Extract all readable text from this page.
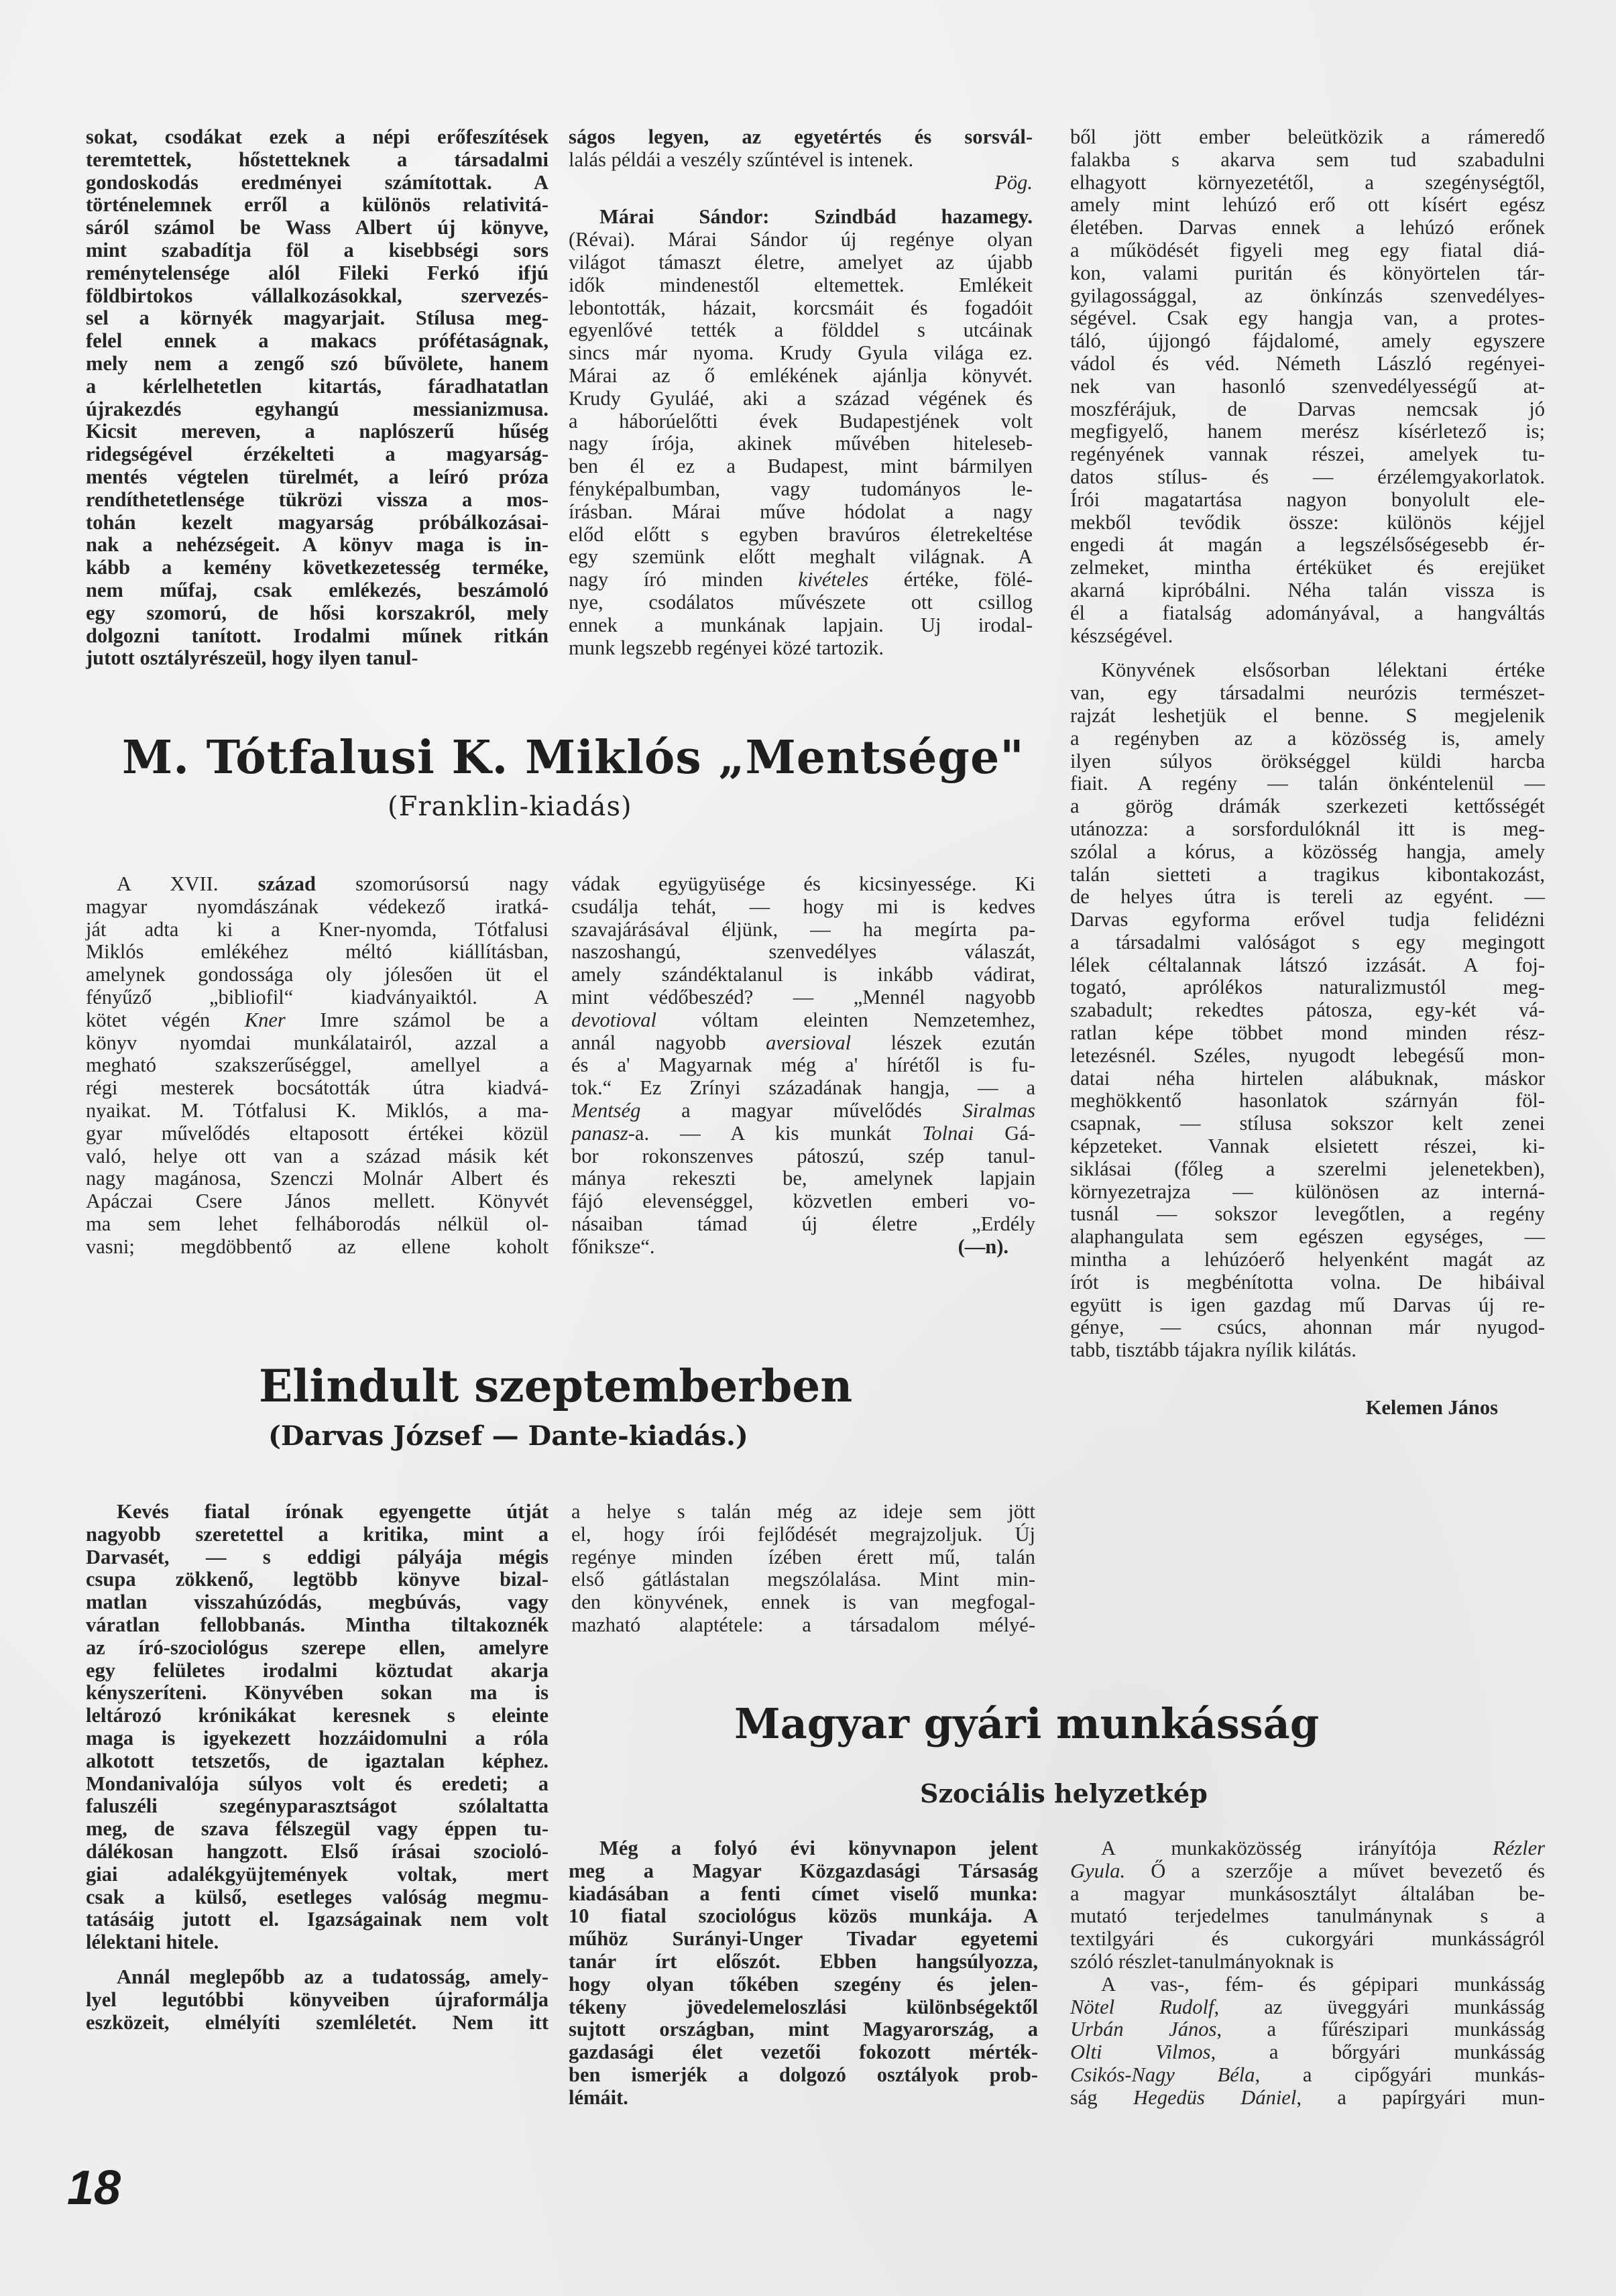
sokat, csodákat ezek a népi erőfeszítések
teremtettek, hőstetteknek a társadalmi
gondoskodás eredményei számítottak. A
történelemnek erről a különös relativitá-
sáról számol be Wass Albert új könyve,
mint szabadítja föl a kisebbségi sors
reménytelensége alól Fileki Ferkó ifjú
földbirtokos vállalkozásokkal, szervezés-
sel a környék magyarjait. Stílusa meg-
felel ennek a makacs prófétaságnak,
mely nem a zengő szó bűvölete, hanem
a kérlelhetetlen kitartás, fáradhatatlan
újrakezdés egyhangú messianizmusa.
Kicsit mereven, a naplószerű hűség
ridegségével érzékelteti a magyarság-
mentés végtelen türelmét, a leíró próza
rendíthetetlensége tükrözi vissza a mos-
tohán kezelt magyarság próbálkozásai-
nak a nehézségeit. A könyv maga is in-
kább a kemény következetesség terméke,
nem műfaj, csak emlékezés, beszámoló
egy szomorú, de hősi korszakról, mely
dolgozni tanított. Irodalmi műnek ritkán
jutott osztályrészeül, hogy ilyen tanul-
ságos legyen, az egyetértés és sorsvál-
lalás példái a veszély szűntével is intenek.
Pög.
Márai Sándor: Szindbád hazamegy.
(Révai). Márai Sándor új regénye olyan
világot támaszt életre, amelyet az újabb
idők mindenestől eltemettek. Emlékeit
lebontották, házait, korcsmáit és fogadóit
egyenlővé tették a földdel s utcáinak
sincs már nyoma. Krudy Gyula világa ez.
Márai az ő emlékének ajánlja könyvét.
Krudy Gyuláé, aki a század végének és
a háborúelőtti évek Budapestjének volt
nagy írója, akinek művében hiteleseb-
ben él ez a Budapest, mint bármilyen
fényképalbumban, vagy tudományos le-
írásban. Márai műve hódolat a nagy
előd előtt s egyben bravúros életrekeltése
egy szemünk előtt meghalt világnak. A
nagy író minden kivételes értéke, fölé-
nye, csodálatos művészete ott csillog
ennek a munkának lapjain. Uj irodal-
munk legszebb regényei közé tartozik.
ből jött ember beleütközik a rámeredő
falakba s akarva sem tud szabadulni
elhagyott környezetétől, a szegénységtől,
amely mint lehúzó erő ott kísért egész
életében. Darvas ennek a lehúzó erőnek
a működését figyeli meg egy fiatal diá-
kon, valami puritán és könyörtelen tár-
gyilagossággal, az önkínzás szenvedélyes-
ségével. Csak egy hangja van, a protes-
táló, újjongó fájdalomé, amely egyszere
vádol és véd. Németh László regényei-
nek van hasonló szenvedélyességű at-
moszférájuk, de Darvas nemcsak jó
megfigyelő, hanem merész kísérletező is;
regényének vannak részei, amelyek tu-
datos stílus- és — érzélemgyakorlatok.
Írói magatartása nagyon bonyolult ele-
mekből tevődik össze: különös kéjjel
engedi át magán a legszélsőségesebb ér-
zelmeket, mintha értéküket és erejüket
akarná kipróbálni. Néha talán vissza is
él a fiatalság adományával, a hangváltás
készségével.
Könyvének elsősorban lélektani értéke
van, egy társadalmi neurózis természet-
rajzát leshetjük el benne. S megjelenik
a regényben az a közösség is, amely
ilyen súlyos örökséggel küldi harcba
fiait. A regény — talán önkéntelenül —
a görög drámák szerkezeti kettősségét
utánozza: a sorsfordulóknál itt is meg-
szólal a kórus, a közösség hangja, amely
talán sietteti a tragikus kibontakozást,
de helyes útra is tereli az egyént. —
Darvas egyforma erővel tudja felidézni
a társadalmi valóságot s egy megingott
lélek céltalannak látszó izzását. A foj-
togató, aprólékos naturalizmustól meg-
szabadult; rekedtes pátosza, egy-két vá-
ratlan képe többet mond minden rész-
letezésnél. Széles, nyugodt lebegésű mon-
datai néha hirtelen alábuknak, máskor
meghökkentő hasonlatok szárnyán föl-
csapnak, — stílusa sokszor kelt zenei
képzeteket. Vannak elsietett részei, ki-
siklásai (főleg a szerelmi jelenetekben),
környezetrajza — különösen az interná-
tusnál — sokszor levegőtlen, a regény
alaphangulata sem egészen egységes, —
mintha a lehúzóerő helyenként magát az
írót is megbénította volna. De hibáival
együtt is igen gazdag mű Darvas új re-
génye, — csúcs, ahonnan már nyugod-
tabb, tisztább tájakra nyílik kilátás.
Kelemen János
M. Tótfalusi K. Miklós „Mentsége"
(Franklin-kiadás)
A XVII. század szomorúsorsú nagy
magyar nyomdászának védekező iratká-
ját adta ki a Kner-nyomda, Tótfalusi
Miklós emlékéhez méltó kiállításban,
amelynek gondossága oly jólesően üt el
fényűző „bibliofil“ kiadványaiktól. A
kötet végén Kner Imre számol be a
könyv nyomdai munkálatairól, azzal a
megható szakszerűséggel, amellyel a
régi mesterek bocsátották útra kiadvá-
nyaikat. M. Tótfalusi K. Miklós, a ma-
gyar művelődés eltaposott értékei közül
való, helye ott van a század másik két
nagy magánosa, Szenczi Molnár Albert és
Apáczai Csere János mellett. Könyvét
ma sem lehet felháborodás nélkül ol-
vasni; megdöbbentő az ellene koholt
vádak együgyüsége és kicsinyessége. Ki
csudálja tehát, — hogy mi is kedves
szavajárásával éljünk, — ha megírta pa-
naszoshangú, szenvedélyes válaszát,
amely szándéktalanul is inkább vádirat,
mint védőbeszéd? — „Mennél nagyobb
devotioval vóltam eleinten Nemzetemhez,
annál nagyobb aversioval lészek ezután
és a' Magyarnak még a' hírétől is fu-
tok.“ Ez Zrínyi századának hangja, — a
Mentség a magyar művelődés Siralmas
panasz-a. — A kis munkát Tolnai Gá-
bor rokonszenves pátoszú, szép tanul-
mánya rekeszti be, amelynek lapjain
fájó elevenséggel, közvetlen emberi vo-
násaiban támad új életre „Erdély
főnikszе“.	(—n).
Elindult szeptemberben
(Darvas József — Dante-kiadás.)
Kevés fiatal írónak egyengette útját
nagyobb szeretettel a kritika, mint a
Darvasét, — s eddigi pályája mégis
csupa zökkenő, legtöbb könyve bizal-
matlan visszahúzódás, megbúvás, vagy
váratlan fellobbanás. Mintha tiltakoznék
az író-szociológus szerepe ellen, amelyre
egy felületes irodalmi köztudat akarja
kényszeríteni. Könyvében sokan ma is
leltározó krónikákat keresnek s eleinte
maga is igyekezett hozzáidomulni a róla
alkotott tetszetős, de igaztalan képhez.
Mondanivalója súlyos volt és eredeti; a
faluszéli szegényparasztságot szólaltatta
meg, de szava félszegül vagy éppen tu-
dálékosan hangzott. Első írásai szocioló-
giai adalékgyüjtemények voltak, mert
csak a külső, esetleges valóság megmu-
tatásáig jutott el. Igazságainak nem volt
lélektani hitele.
Annál meglepőbb az a tudatosság, amely-
lyel legutóbbi könyveiben újraformálja
eszközeit, elmélyíti szemléletét. Nem itt
a helye s talán még az ideje sem jött
el, hogy írói fejlődését megrajzoljuk. Új
regénye minden ízében érett mű, talán
első gátlástalan megszólalása. Mint min-
den könyvének, ennek is van megfogal-
mazható alaptétele: a társadalom mélyé-
Magyar gyári munkásság
Szociális helyzetkép
Még a folyó évi könyvnapon jelent
meg a Magyar Közgazdasági Társaság
kiadásában a fenti címet viselő munka:
10 fiatal szociológus közös munkája. A
műhöz Surányi-Unger Tivadar egyetemi
tanár írt előszót. Ebben hangsúlyozza,
hogy olyan tőkében szegény és jelen-
tékeny jövedelemeloszlási különbségektől
sujtott országban, mint Magyarország, a
gazdasági élet vezetői fokozott mérték-
ben ismerjék a dolgozó osztályok prob-
lémáit.
A munkaközösség irányítója Rézler
Gyula. Ő a szerzője a művet bevezető és
a magyar munkásosztályt általában be-
mutató terjedelmes tanulmánynak s a
textilgyári és cukorgyári munkásságról
szóló részlet-tanulmányoknak is
A vas-, fém- és gépipari munkásság
Nötel Rudolf, az üveggyári munkásság
Urbán János, a fűrészipari munkásság
Olti Vilmos, a bőrgyári munkásság
Csikós-Nagy Béla, a cipőgyári munkás-
ság Hegedüs Dániel, a papírgyári mun-
18
